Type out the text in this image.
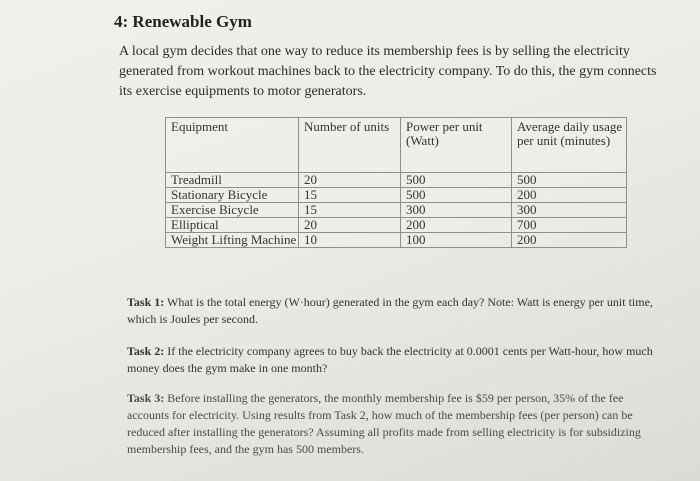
4: Renewable Gym

A local gym decides that one way to reduce its membership fees is by selling the electricity generated from workout machines back to the electricity company. To do this, the gym connects its exercise equipments to motor generators.

Equipment	Number of units	Power per unit (Watt)	Average daily usage per unit (minutes)
Treadmill	20	500	500
Stationary Bicycle	15	500	200
Exercise Bicycle	15	300	300
Elliptical	20	200	700
Weight Lifting Machine	10	100	200

Task 1: What is the total energy (W·hour) generated in the gym each day? Note: Watt is energy per unit time, which is Joules per second.

Task 2: If the electricity company agrees to buy back the electricity at 0.0001 cents per Watt-hour, how much money does the gym make in one month?

Task 3: Before installing the generators, the monthly membership fee is $59 per person, 35% of the fee accounts for electricity. Using results from Task 2, how much of the membership fees (per person) can be reduced after installing the generators? Assuming all profits made from selling electricity is for subsidizing membership fees, and the gym has 500 members.
